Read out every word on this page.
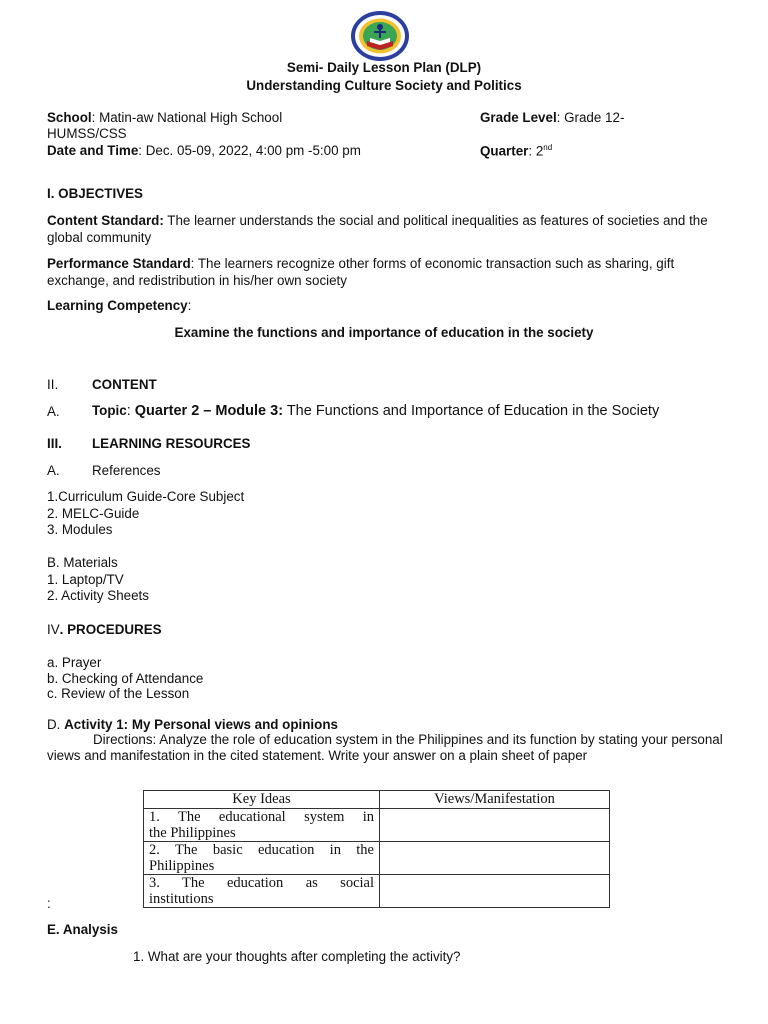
Semi- Daily Lesson Plan (DLP)
Understanding Culture Society and Politics
School: Matin-aw National High School	Grade Level: Grade 12-
HUMSS/CSS
Date and Time: Dec. 05-09, 2022, 4:00 pm -5:00 pm	Quarter: 2nd
I. OBJECTIVES

Content Standard: The learner understands the social and political inequalities as features of societies and the global community

Performance Standard: The learners recognize other forms of economic transaction such as sharing, gift exchange, and redistribution in his/her own society

Learning Competency:
Examine the functions and importance of education in the society
II.	CONTENT
A. Topic: Quarter 2 – Module 3: The Functions and Importance of Education in the Society
III. LEARNING RESOURCES
A. References
1.Curriculum Guide-Core Subject
2. MELC-Guide
3. Modules
B. Materials
1. Laptop/TV
2. Activity Sheets
IV. PROCEDURES
a. Prayer
b. Checking of Attendance
c. Review of the Lesson
D. Activity 1: My Personal views and opinions

Directions: Analyze the role of education system in the Philippines and its function by stating your personal views and manifestation in the cited statement. Write your answer on a plain sheet of paper

Key Ideas	Views/Manifestation
1. The educational system in
the Philippines	

2. The basic education in the
Philippines	

3. The education as social
institutions	

:
E. Analysis
1. What are your thoughts after completing the activity?
